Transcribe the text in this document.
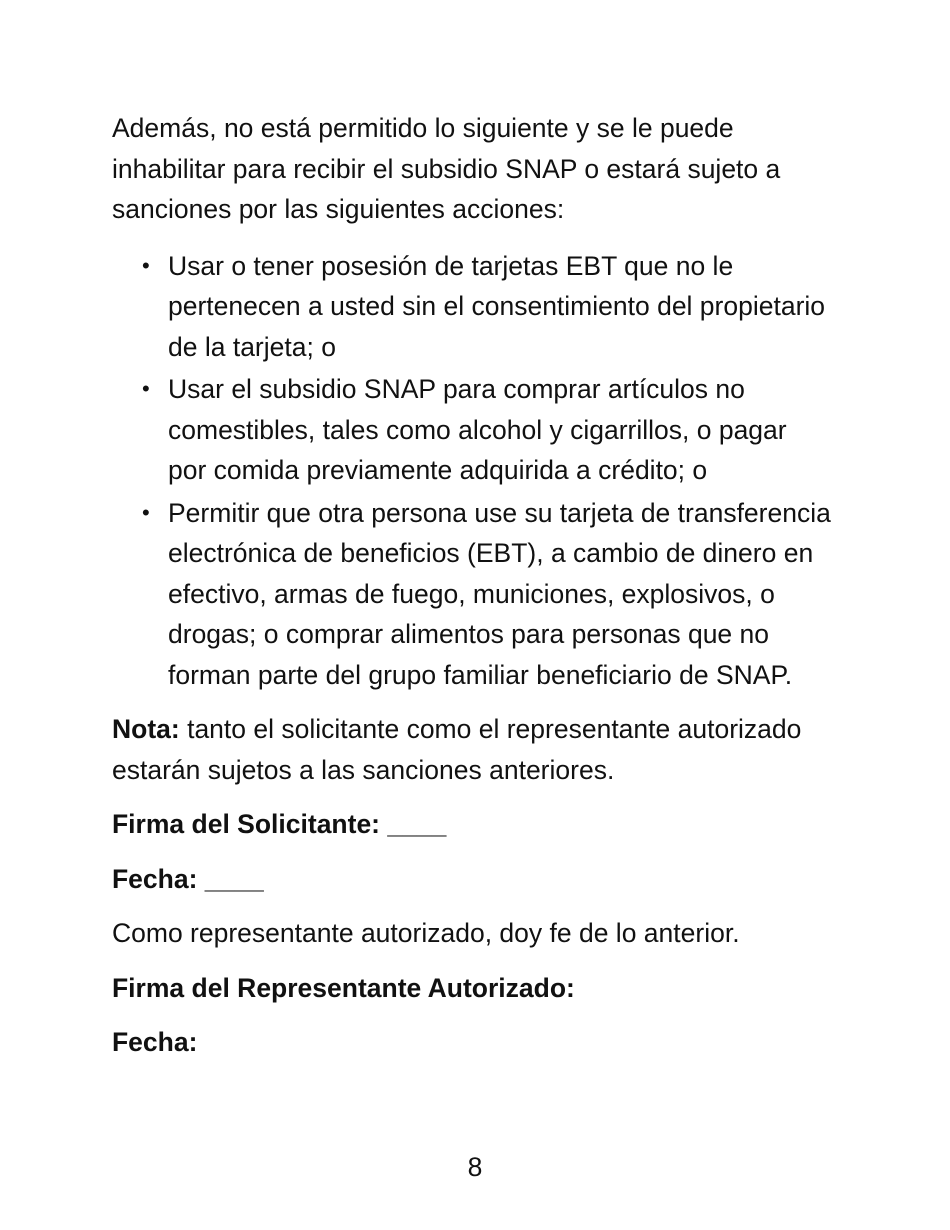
Además, no está permitido lo siguiente y se le puede inhabilitar para recibir el subsidio SNAP o estará sujeto a sanciones por las siguientes acciones:

• Usar o tener posesión de tarjetas EBT que no le pertenecen a usted sin el consentimiento del propietario de la tarjeta; o
• Usar el subsidio SNAP para comprar artículos no comestibles, tales como alcohol y cigarrillos, o pagar por comida previamente adquirida a crédito; o
• Permitir que otra persona use su tarjeta de transferencia electrónica de beneficios (EBT), a cambio de dinero en efectivo, armas de fuego, municiones, explosivos, o drogas; o comprar alimentos para personas que no forman parte del grupo familiar beneficiario de SNAP.

Nota: tanto el solicitante como el representante autorizado estarán sujetos a las sanciones anteriores.

Firma del Solicitante: ____

Fecha: ____

Como representante autorizado, doy fe de lo anterior.

Firma del Representante Autorizado:

Fecha:

8
